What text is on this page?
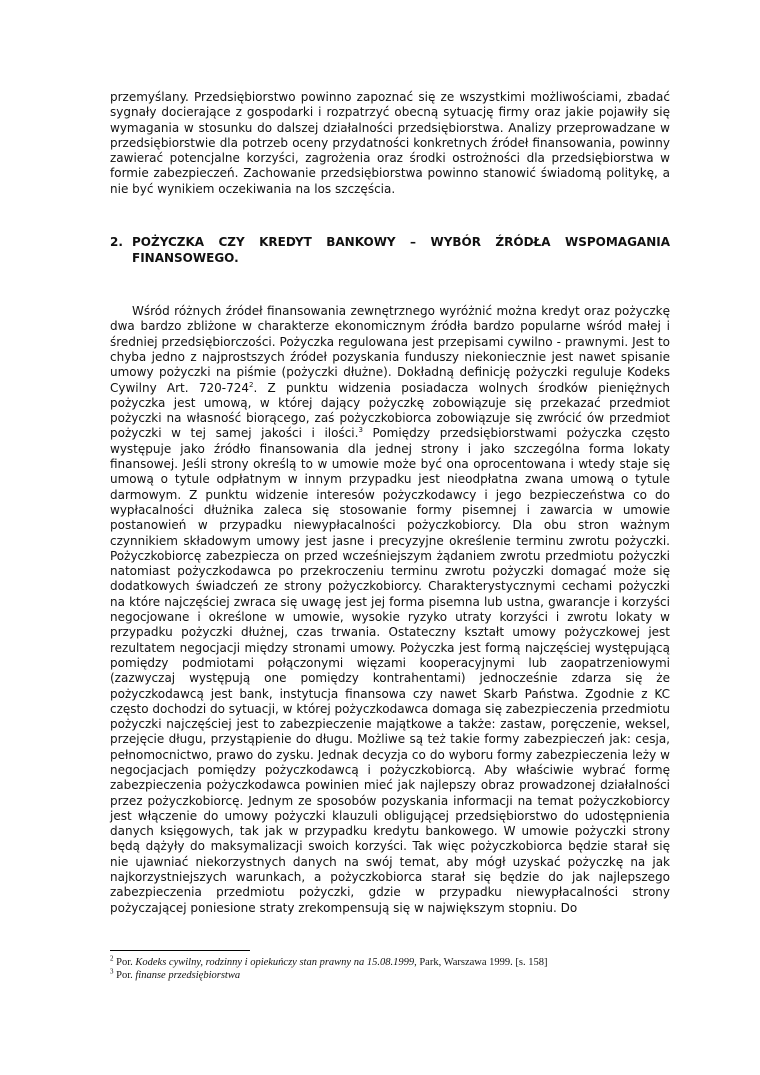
przemyślany. Przedsiębiorstwo powinno zapoznać się ze wszystkimi możliwościami, zbadać sygnały docierające z gospodarki i rozpatrzyć obecną sytuację firmy oraz jakie pojawiły się wymagania w stosunku do dalszej działalności przedsiębiorstwa. Analizy przeprowadzane w przedsiębiorstwie dla potrzeb oceny przydatności konkretnych źródeł finansowania, powinny zawierać potencjalne korzyści, zagrożenia oraz środki ostrożności dla przedsiębiorstwa w formie zabezpieczeń. Zachowanie przedsiębiorstwa powinno stanowić świadomą politykę, a nie być wynikiem oczekiwania na los szczęścia.

2. POŻYCZKA CZY KREDYT BANKOWY – WYBÓR ŹRÓDŁA WSPOMAGANIA FINANSOWEGO.

Wśród różnych źródeł finansowania zewnętrznego wyróżnić można kredyt oraz pożyczkę dwa bardzo zbliżone w charakterze ekonomicznym źródła bardzo popularne wśród małej i średniej przedsiębiorczości. Pożyczka regulowana jest przepisami cywilno - prawnymi. Jest to chyba jedno z najprostszych źródeł pozyskania funduszy niekoniecznie jest nawet spisanie umowy pożyczki na piśmie (pożyczki dłużne). Dokładną definicję pożyczki reguluje Kodeks Cywilny Art. $720-724^2$. Z punktu widzenia posiadacza wolnych środków pieniężnych pożyczka jest umową, w której dający pożyczkę zobowiązuje się przekazać przedmiot pożyczki na własność biorącego, zaś pożyczkobiorca zobowiązuje się zwrócić ów przedmiot pożyczki w tej samej jakości i ilości.$^3$ Pomiędzy przedsiębiorstwami pożyczka często występuje jako źródło finansowania dla jednej strony i jako szczególna forma lokaty finansowej. Jeśli strony określą to w umowie może być ona oprocentowana i wtedy staje się umową o tytule odpłatnym w innym przypadku jest nieodpłatna zwana umową o tytule darmowym. Z punktu widzenie interesów pożyczkodawcy i jego bezpieczeństwa co do wypłacalności dłużnika zaleca się stosowanie formy pisemnej i zawarcia w umowie postanowień w przypadku niewypłacalności pożyczkobiorcy. Dla obu stron ważnym czynnikiem składowym umowy jest jasne i precyzyjne określenie terminu zwrotu pożyczki. Pożyczkobiorcę zabezpiecza on przed wcześniejszym żądaniem zwrotu przedmiotu pożyczki natomiast pożyczkodawca po przekroczeniu terminu zwrotu pożyczki domagać może się dodatkowych świadczeń ze strony pożyczkobiorcy. Charakterystycznymi cechami pożyczki na które najczęściej zwraca się uwagę jest jej forma pisemna lub ustna, gwarancje i korzyści negocjowane i określone w umowie, wysokie ryzyko utraty korzyści i zwrotu lokaty w przypadku pożyczki dłużnej, czas trwania. Ostateczny kształt umowy pożyczkowej jest rezultatem negocjacji między stronami umowy. Pożyczka jest formą najczęściej występującą pomiędzy podmiotami połączonymi więzami kooperacyjnymi lub zaopatrzeniowymi (zazwyczaj występują one pomiędzy kontrahentami) jednocześnie zdarza się że pożyczkodawcą jest bank, instytucja finansowa czy nawet Skarb Państwa. Zgodnie z KC często dochodzi do sytuacji, w której pożyczkodawca domaga się zabezpieczenia przedmiotu pożyczki najczęściej jest to zabezpieczenie majątkowe a także: zastaw, poręczenie, weksel, przejęcie długu, przystąpienie do długu. Możliwe są też takie formy zabezpieczeń jak: cesja, pełnomocnictwo, prawo do zysku. Jednak decyzja co do wyboru formy zabezpieczenia leży w negocjacjach pomiędzy pożyczkodawcą i pożyczkobiorcą. Aby właściwie wybrać formę zabezpieczenia pożyczkodawca powinien mieć jak najlepszy obraz prowadzonej działalności przez pożyczkobiorcę. Jednym ze sposobów pozyskania informacji na temat pożyczkobiorcy jest włączenie do umowy pożyczki klauzuli obligującej przedsiębiorstwo do udostępnienia danych księgowych, tak jak w przypadku kredytu bankowego. W umowie pożyczki strony będą dążyły do maksymalizacji swoich korzyści. Tak więc pożyczkobiorca będzie starał się nie ujawniać niekorzystnych danych na swój temat, aby mógł uzyskać pożyczkę na jak najkorzystniejszych warunkach, a pożyczkobiorca starał się będzie do jak najlepszego zabezpieczenia przedmiotu pożyczki, gdzie w przypadku niewypłacalności strony pożyczającej poniesione straty zrekompensują się w największym stopniu. Do

$^2$ Por. Kodeks cywilny, rodzinny i opiekuńczy stan prawny na 15.08.1999, Park, Warszawa 1999. [s. 158]

$^3$ Por. finanse przedsiębiorstwa
